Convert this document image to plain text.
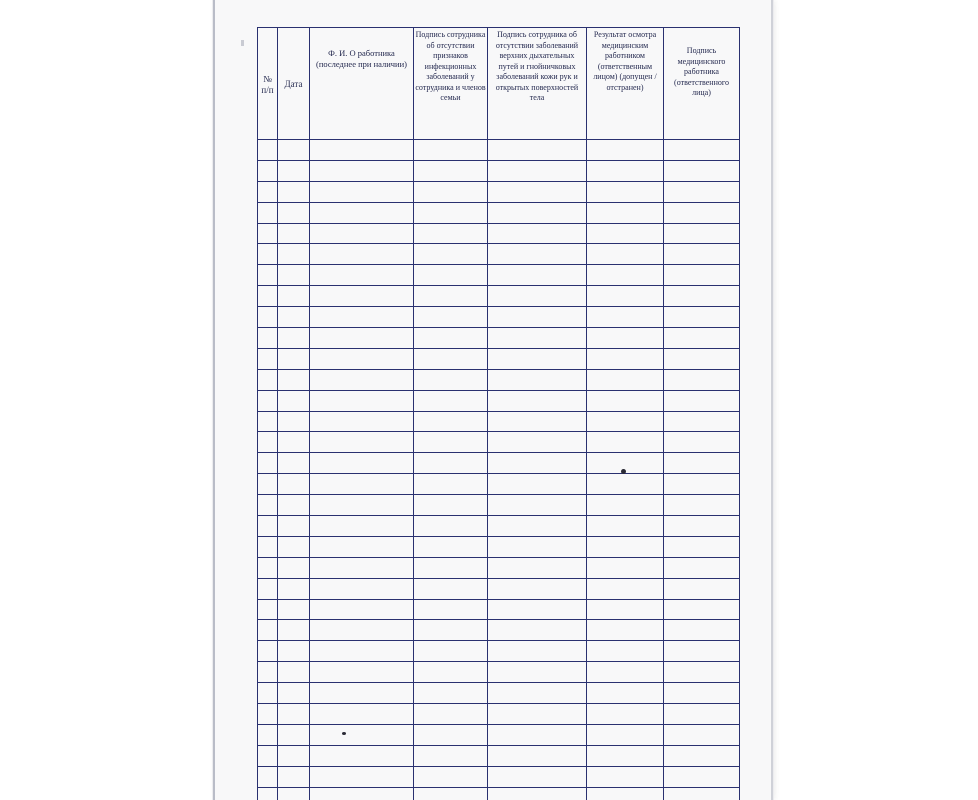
№ п/п	Дата	Ф. И. О работника (последнее при наличии)	Подпись сотрудника об отсутствии признаков инфекционных заболеваний у сотрудника и членов семьи	Подпись сотрудника об отсутствии заболеваний верхних дыхательных путей и гнойничковых заболеваний кожи рук и открытых поверхностей тела	Результат осмотра медицинским работником (ответственным лицом) (допущен / отстранен)	Подпись медицинского работника (ответственного лица)
